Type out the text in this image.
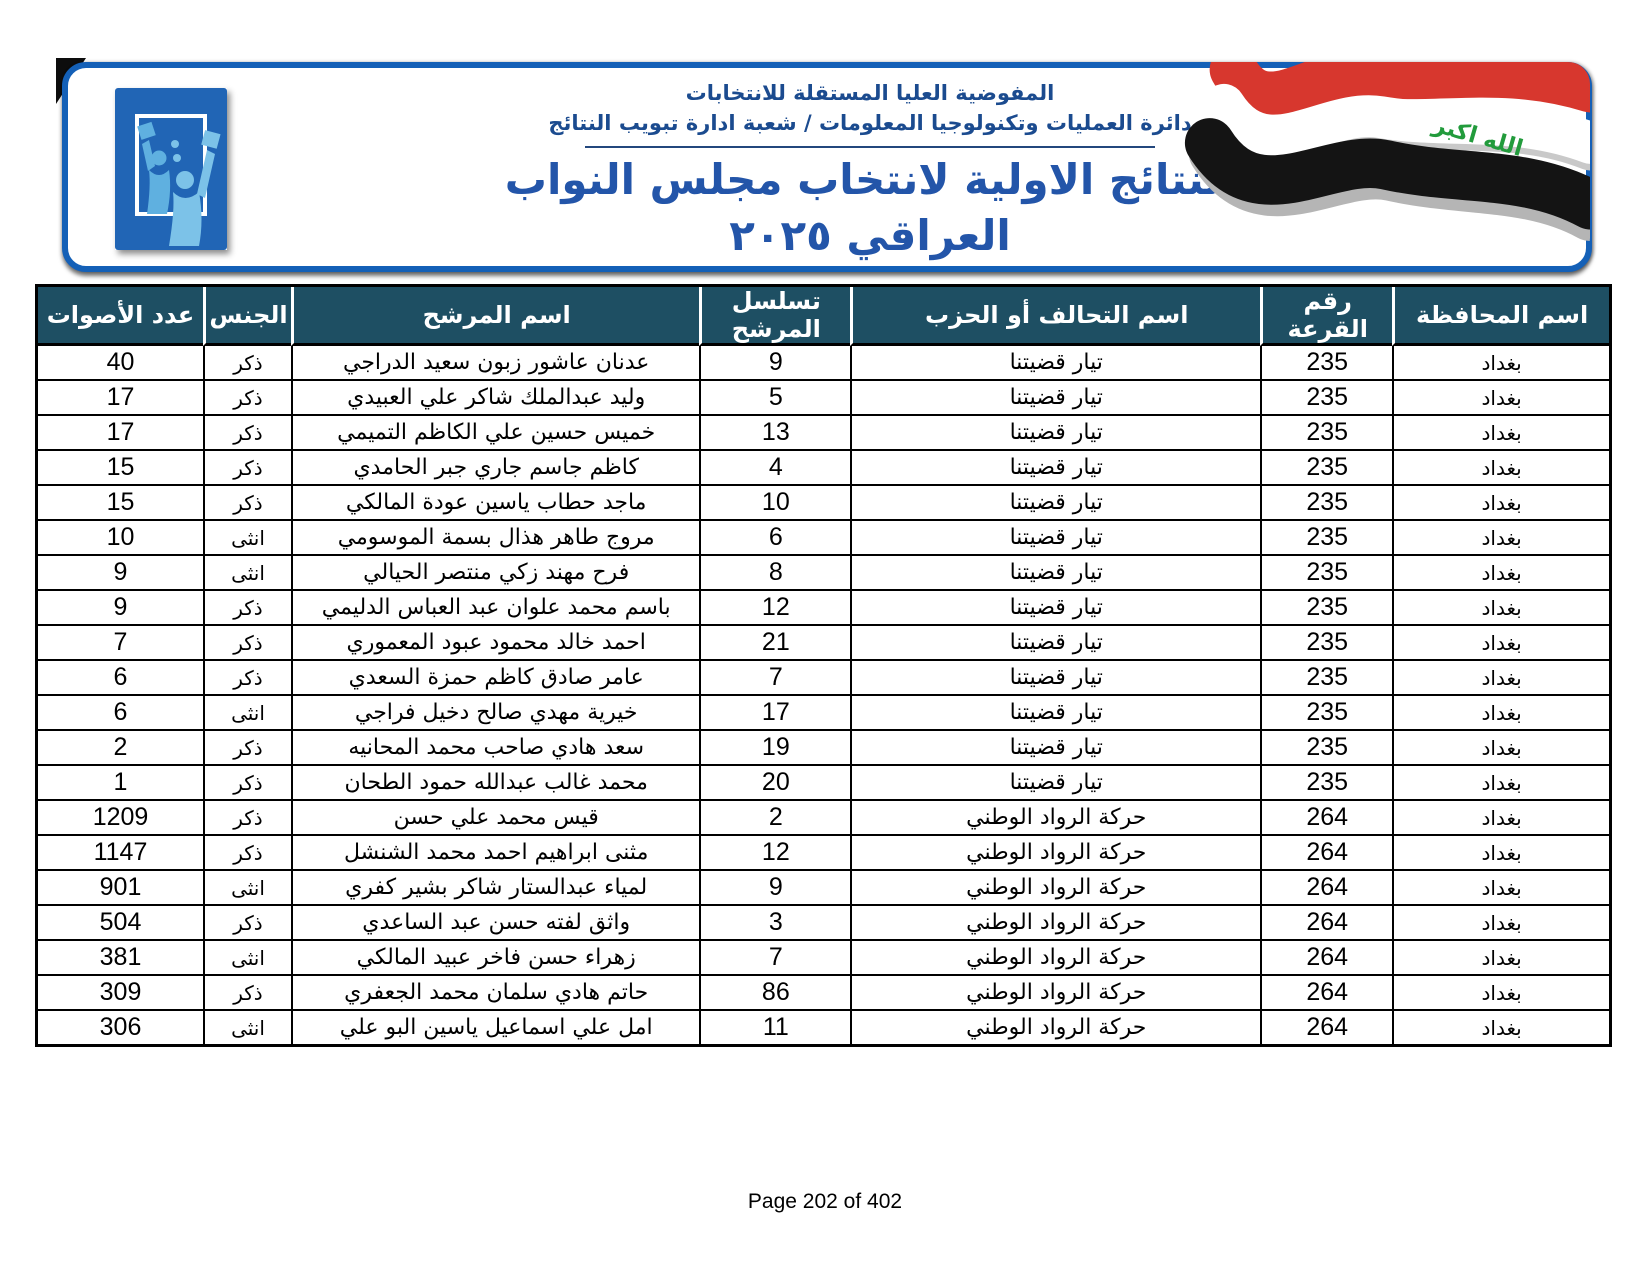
المفوضية العليا المستقلة للانتخابات
دائرة العمليات وتكنولوجيا المعلومات / شعبة ادارة تبويب النتائج
النتائج الاولية لانتخاب مجلس النواب العراقي ٢٠٢٥
الله اكبر
اسم المحافظة	رقم القرعة	اسم التحالف أو الحزب	تسلسل المرشح	اسم المرشح	الجنس	عدد الأصوات
بغداد	235	تيار قضيتنا	9	عدنان عاشور زبون سعيد الدراجي	ذكر	40
بغداد	235	تيار قضيتنا	5	وليد عبدالملك شاكر علي العبيدي	ذكر	17
بغداد	235	تيار قضيتنا	13	خميس حسين علي الكاظم التميمي	ذكر	17
بغداد	235	تيار قضيتنا	4	كاظم جاسم جاري جبر الحامدي	ذكر	15
بغداد	235	تيار قضيتنا	10	ماجد حطاب ياسين عودة المالكي	ذكر	15
بغداد	235	تيار قضيتنا	6	مروج طاهر هذال بسمة الموسومي	انثى	10
بغداد	235	تيار قضيتنا	8	فرح مهند زكي منتصر الحيالي	انثى	9
بغداد	235	تيار قضيتنا	12	باسم محمد علوان عبد العباس الدليمي	ذكر	9
بغداد	235	تيار قضيتنا	21	احمد خالد محمود عبود المعموري	ذكر	7
بغداد	235	تيار قضيتنا	7	عامر صادق كاظم حمزة السعدي	ذكر	6
بغداد	235	تيار قضيتنا	17	خيرية مهدي صالح دخيل فراجي	انثى	6
بغداد	235	تيار قضيتنا	19	سعد هادي صاحب محمد المحانيه	ذكر	2
بغداد	235	تيار قضيتنا	20	محمد غالب عبدالله حمود الطحان	ذكر	1
بغداد	264	حركة الرواد الوطني	2	قيس محمد علي حسن	ذكر	1209
بغداد	264	حركة الرواد الوطني	12	مثنى ابراهيم احمد محمد الشنشل	ذكر	1147
بغداد	264	حركة الرواد الوطني	9	لمياء عبدالستار شاكر بشير كفري	انثى	901
بغداد	264	حركة الرواد الوطني	3	واثق لفته حسن عبد الساعدي	ذكر	504
بغداد	264	حركة الرواد الوطني	7	زهراء حسن فاخر عبيد المالكي	انثى	381
بغداد	264	حركة الرواد الوطني	86	حاتم هادي سلمان محمد الجعفري	ذكر	309
بغداد	264	حركة الرواد الوطني	11	امل علي اسماعيل ياسين البو علي	انثى	306
Page 202 of 402
